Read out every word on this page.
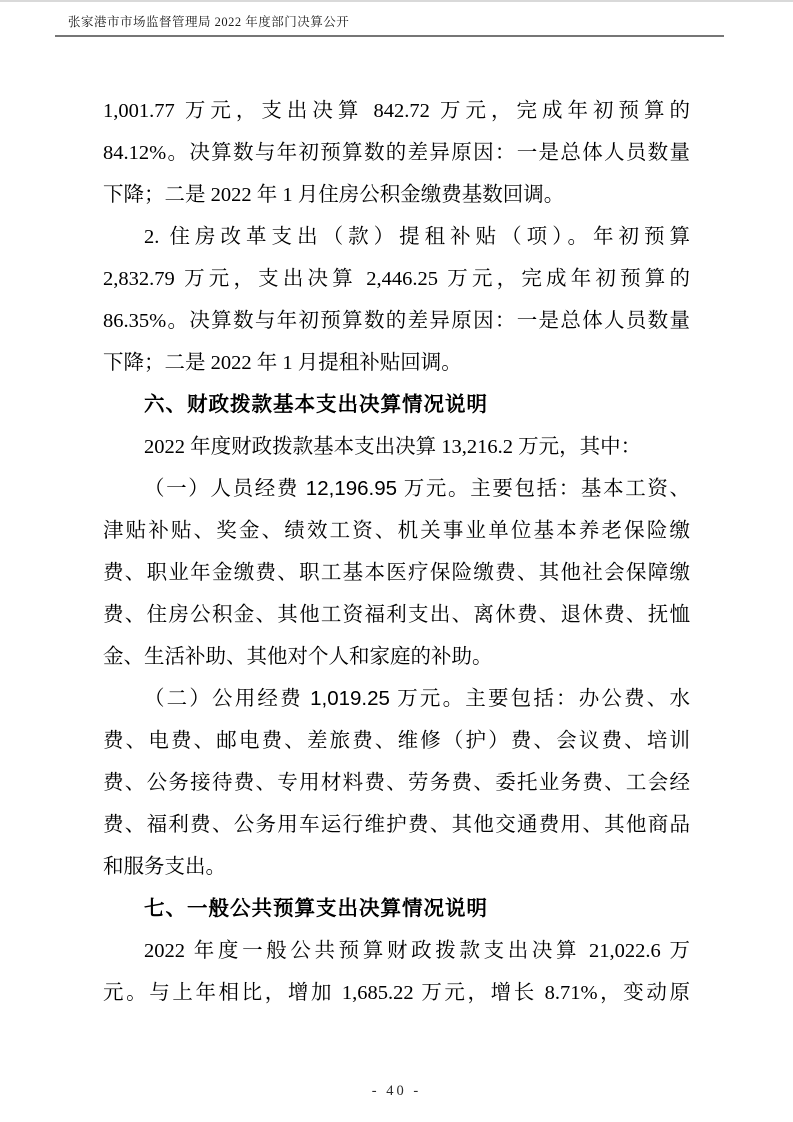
张家港市市场监督管理局 2022 年度部门决算公开
1,001.77 万元，支出决算 842.72 万元，完成年初预算的
84.12%。决算数与年初预算数的差异原因：一是总体人员数量
下降；二是 2022 年 1 月住房公积金缴费基数回调。
2. 住房改革支出（款）提租补贴（项）。年初预算
2,832.79 万元，支出决算 2,446.25 万元，完成年初预算的
86.35%。决算数与年初预算数的差异原因：一是总体人员数量
下降；二是 2022 年 1 月提租补贴回调。
六、财政拨款基本支出决算情况说明
2022 年度财政拨款基本支出决算 13,216.2 万元，其中：
（一）人员经费 12,196.95 万元。主要包括：基本工资、
津贴补贴、奖金、绩效工资、机关事业单位基本养老保险缴
费、职业年金缴费、职工基本医疗保险缴费、其他社会保障缴
费、住房公积金、其他工资福利支出、离休费、退休费、抚恤
金、生活补助、其他对个人和家庭的补助。
（二）公用经费 1,019.25 万元。主要包括：办公费、水
费、电费、邮电费、差旅费、维修（护）费、会议费、培训
费、公务接待费、专用材料费、劳务费、委托业务费、工会经
费、福利费、公务用车运行维护费、其他交通费用、其他商品
和服务支出。
七、一般公共预算支出决算情况说明
2022 年度一般公共预算财政拨款支出决算 21,022.6 万
元。与上年相比，增加 1,685.22 万元，增长 8.71%，变动原
- 40 -
